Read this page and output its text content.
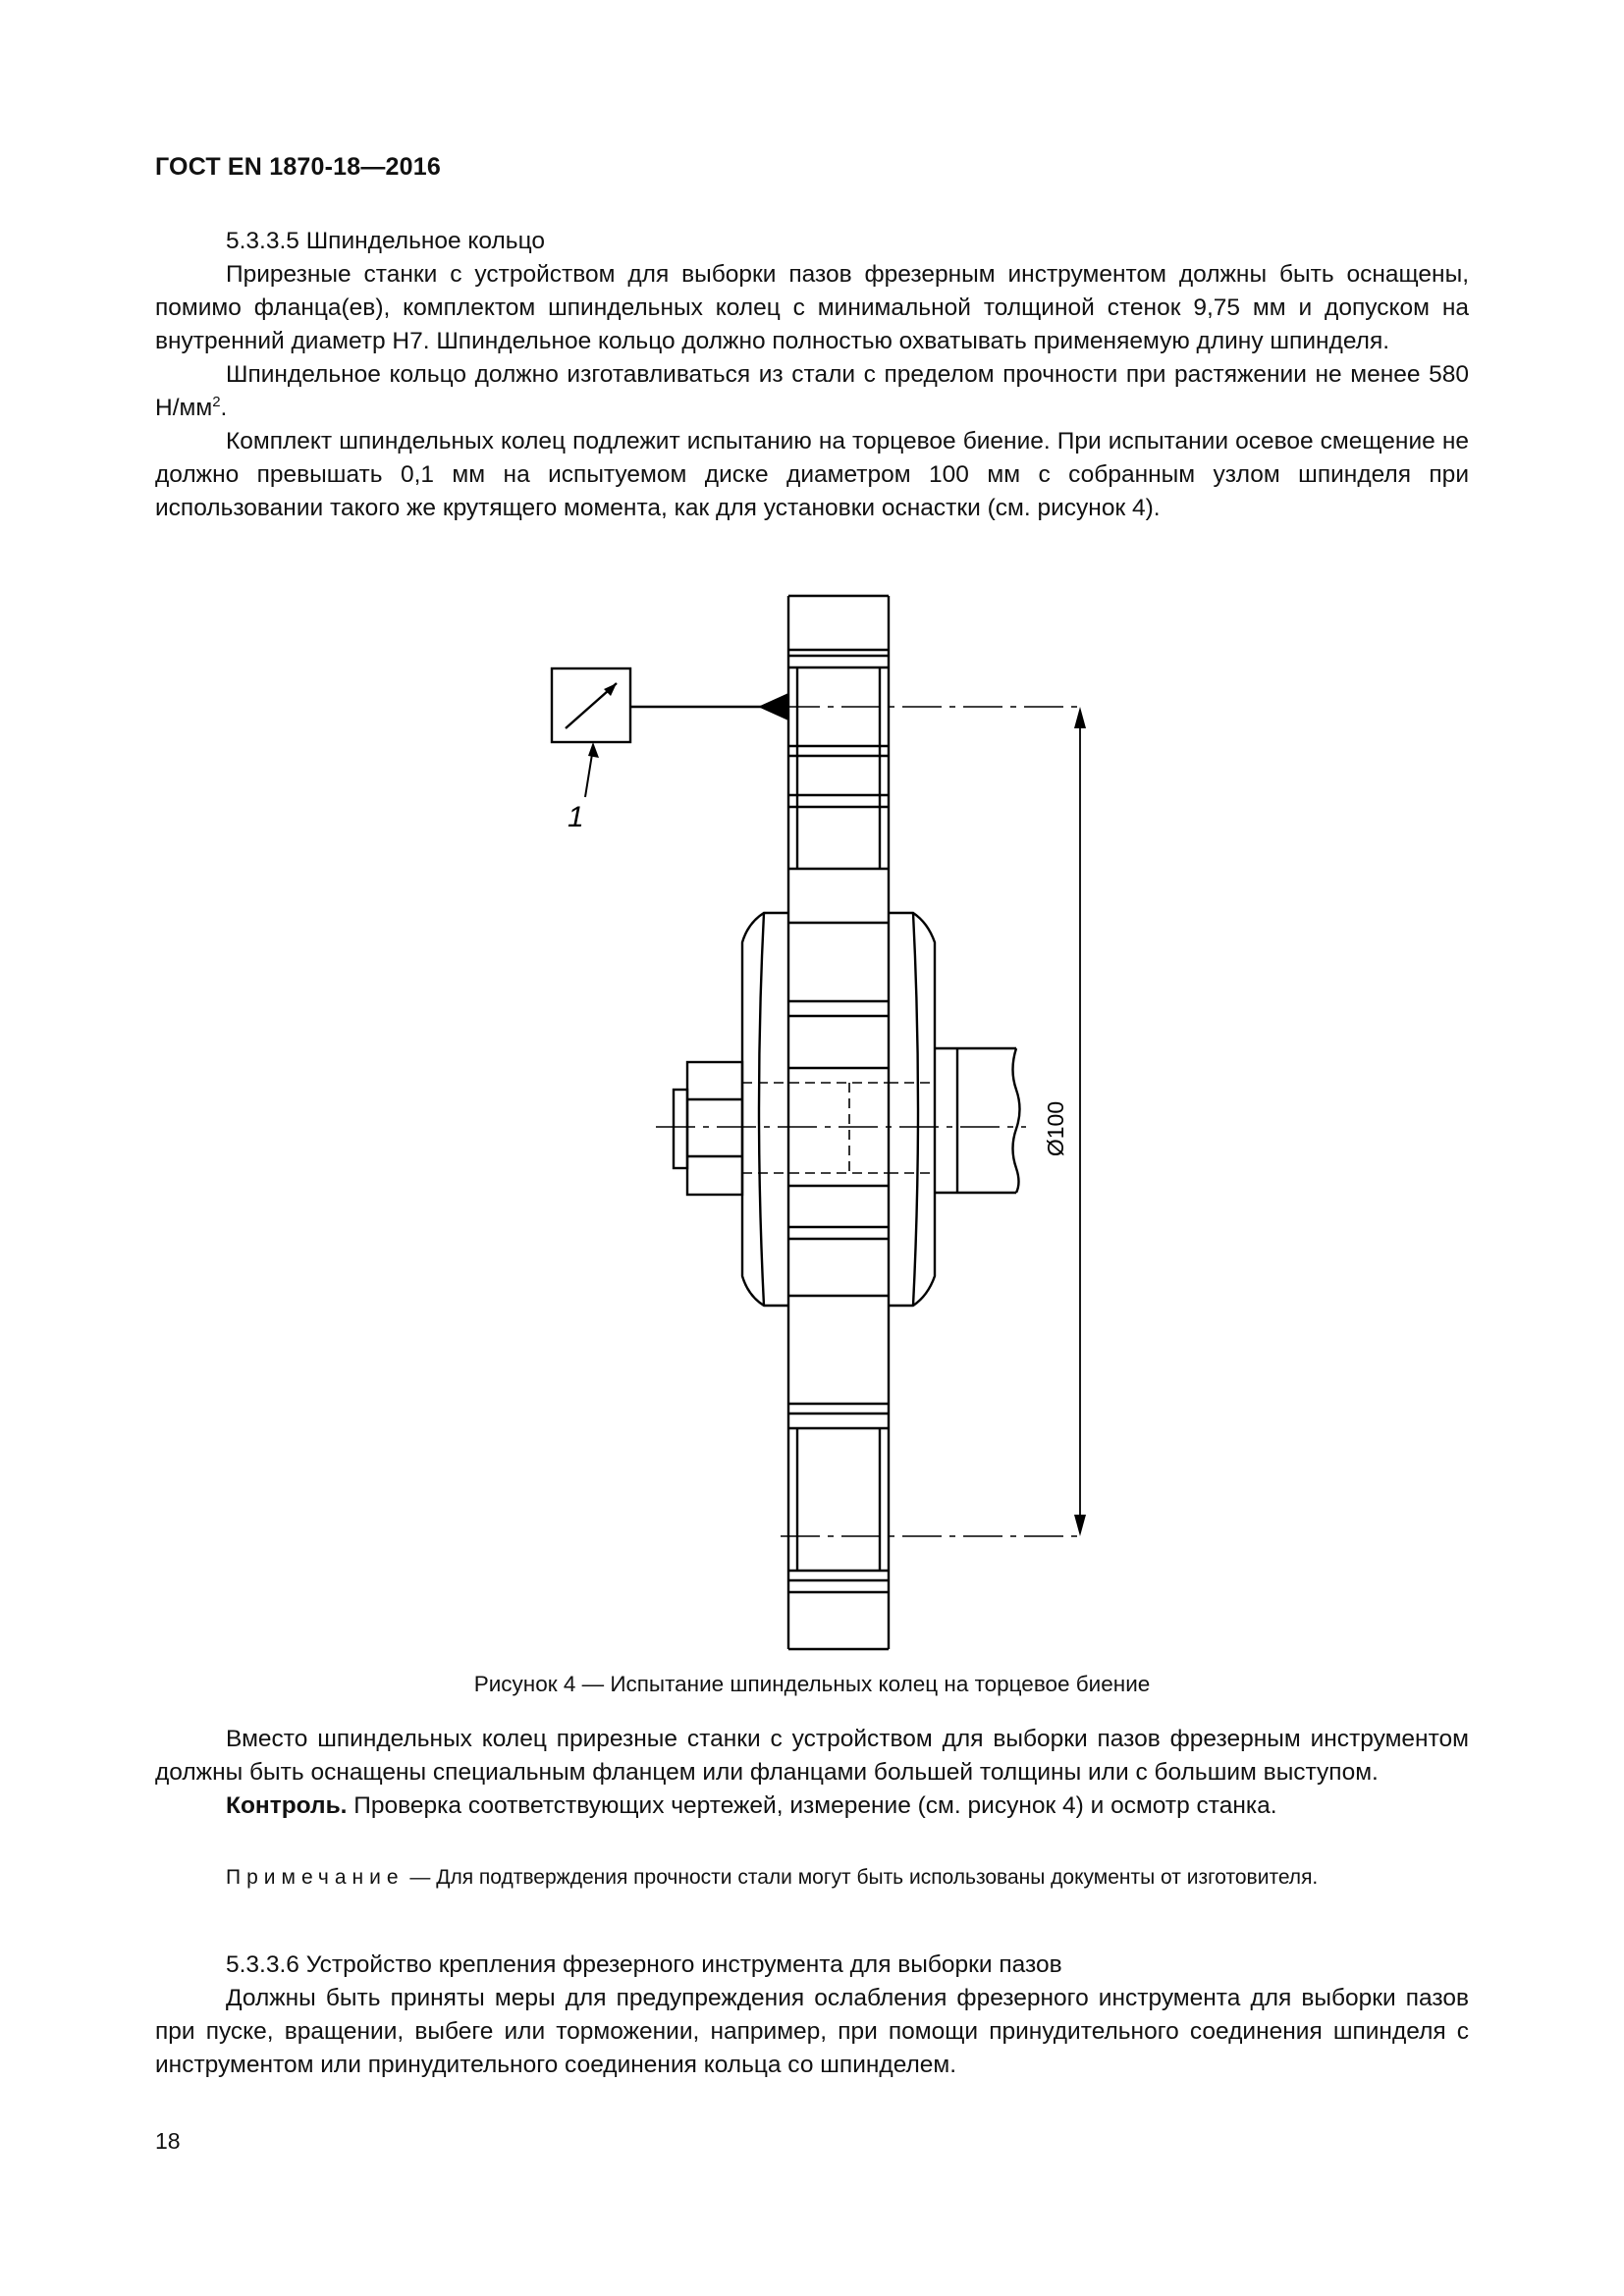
ГОСТ EN 1870-18—2016

5.3.3.5 Шпиндельное кольцо

Прирезные станки с устройством для выборки пазов фрезерным инструментом должны быть оснащены, помимо фланца(ев), комплектом шпиндельных колец с минимальной толщиной стенок 9,75 мм и допуском на внутренний диаметр Н7. Шпиндельное кольцо должно полностью охватывать применяемую длину шпинделя.

Шпиндельное кольцо должно изготавливаться из стали с пределом прочности при растяжении не менее 580 $Н/мм^2$.

Комплект шпиндельных колец подлежит испытанию на торцевое биение. При испытании осевое смещение не должно превышать 0,1 мм на испытуемом диске диаметром 100 мм с собранным узлом шпинделя при использовании такого же крутящего момента, как для установки оснастки (см. рисунок 4).

Ø100
1
Рисунок 4 — Испытание шпиндельных колец на торцевое биение

Вместо шпиндельных колец прирезные станки с устройством для выборки пазов фрезерным инструментом должны быть оснащены специальным фланцем или фланцами большей толщины или с большим выступом.

Контроль. Проверка соответствующих чертежей, измерение (см. рисунок 4) и осмотр станка.

Примечание — Для подтверждения прочности стали могут быть использованы документы от изготовителя.

5.3.3.6 Устройство крепления фрезерного инструмента для выборки пазов

Должны быть приняты меры для предупреждения ослабления фрезерного инструмента для выборки пазов при пуске, вращении, выбеге или торможении, например, при помощи принудительного соединения шпинделя с инструментом или принудительного соединения кольца со шпинделем.

18
